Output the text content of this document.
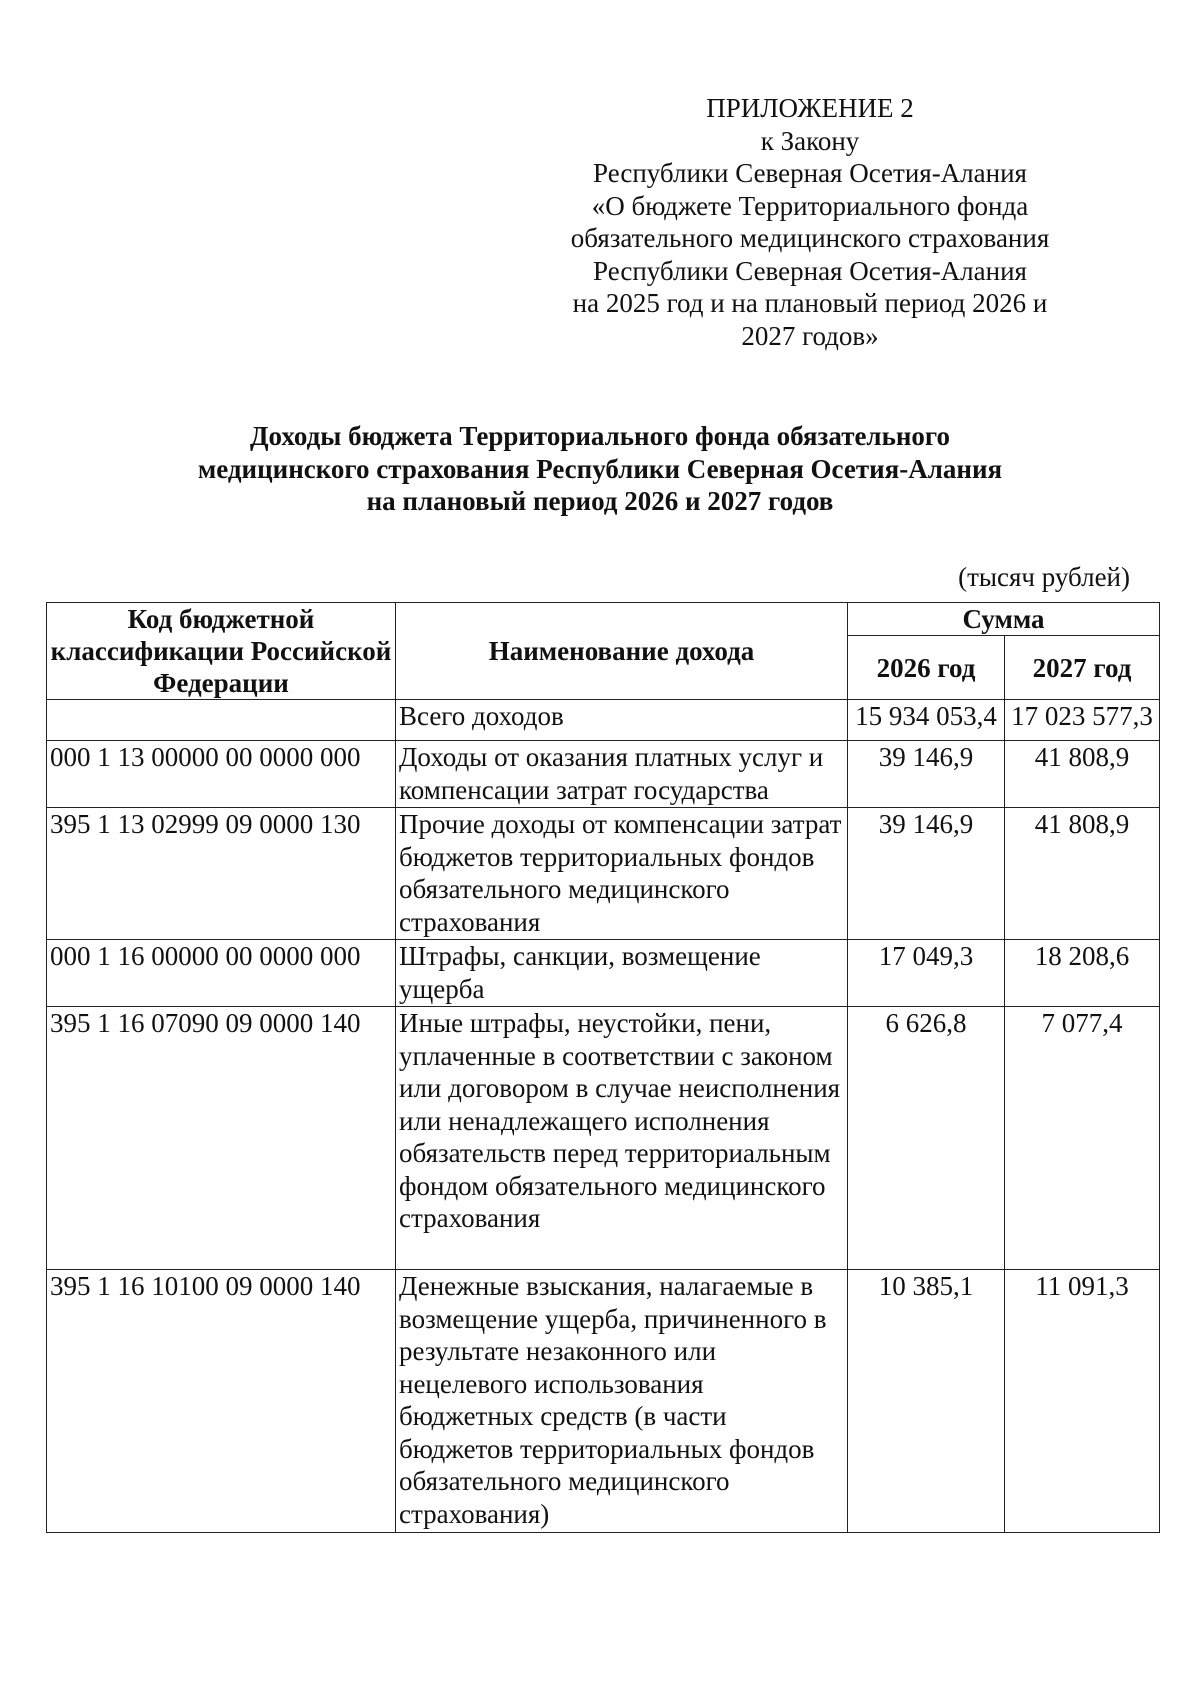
ПРИЛОЖЕНИЕ 2
к Закону
Республики Северная Осетия-Алания
«О бюджете Территориального фонда
обязательного медицинского страхования
Республики Северная Осетия-Алания
на 2025 год и на плановый период 2026 и
2027 годов»
Доходы бюджета Территориального фонда обязательного
медицинского страхования Республики Северная Осетия-Алания
на плановый период 2026 и 2027 годов
(тысяч рублей)
Код бюджетной классификации Российской Федерации	Наименование дохода	Сумма	
		2026 год	2027 год
	Всего доходов	15 934 053,4	17 023 577,3
000 1 13 00000 00 0000 000	Доходы от оказания платных услуг и компенсации затрат государства	39 146,9	41 808,9
395 1 13 02999 09 0000 130	Прочие доходы от компенсации затрат бюджетов территориальных фондов обязательного медицинского страхования	39 146,9	41 808,9
000 1 16 00000 00 0000 000	Штрафы, санкции, возмещение ущерба	17 049,3	18 208,6
395 1 16 07090 09 0000 140	Иные штрафы, неустойки, пени, уплаченные в соответствии с законом или договором в случае неисполнения или ненадлежащего исполнения обязательств перед территориальным фондом обязательного медицинского страхования	6 626,8	7 077,4
395 1 16 10100 09 0000 140	Денежные взыскания, налагаемые в возмещение ущерба, причиненного в результате незаконного или нецелевого использования бюджетных средств (в части бюджетов территориальных фондов обязательного медицинского страхования)	10 385,1	11 091,3
